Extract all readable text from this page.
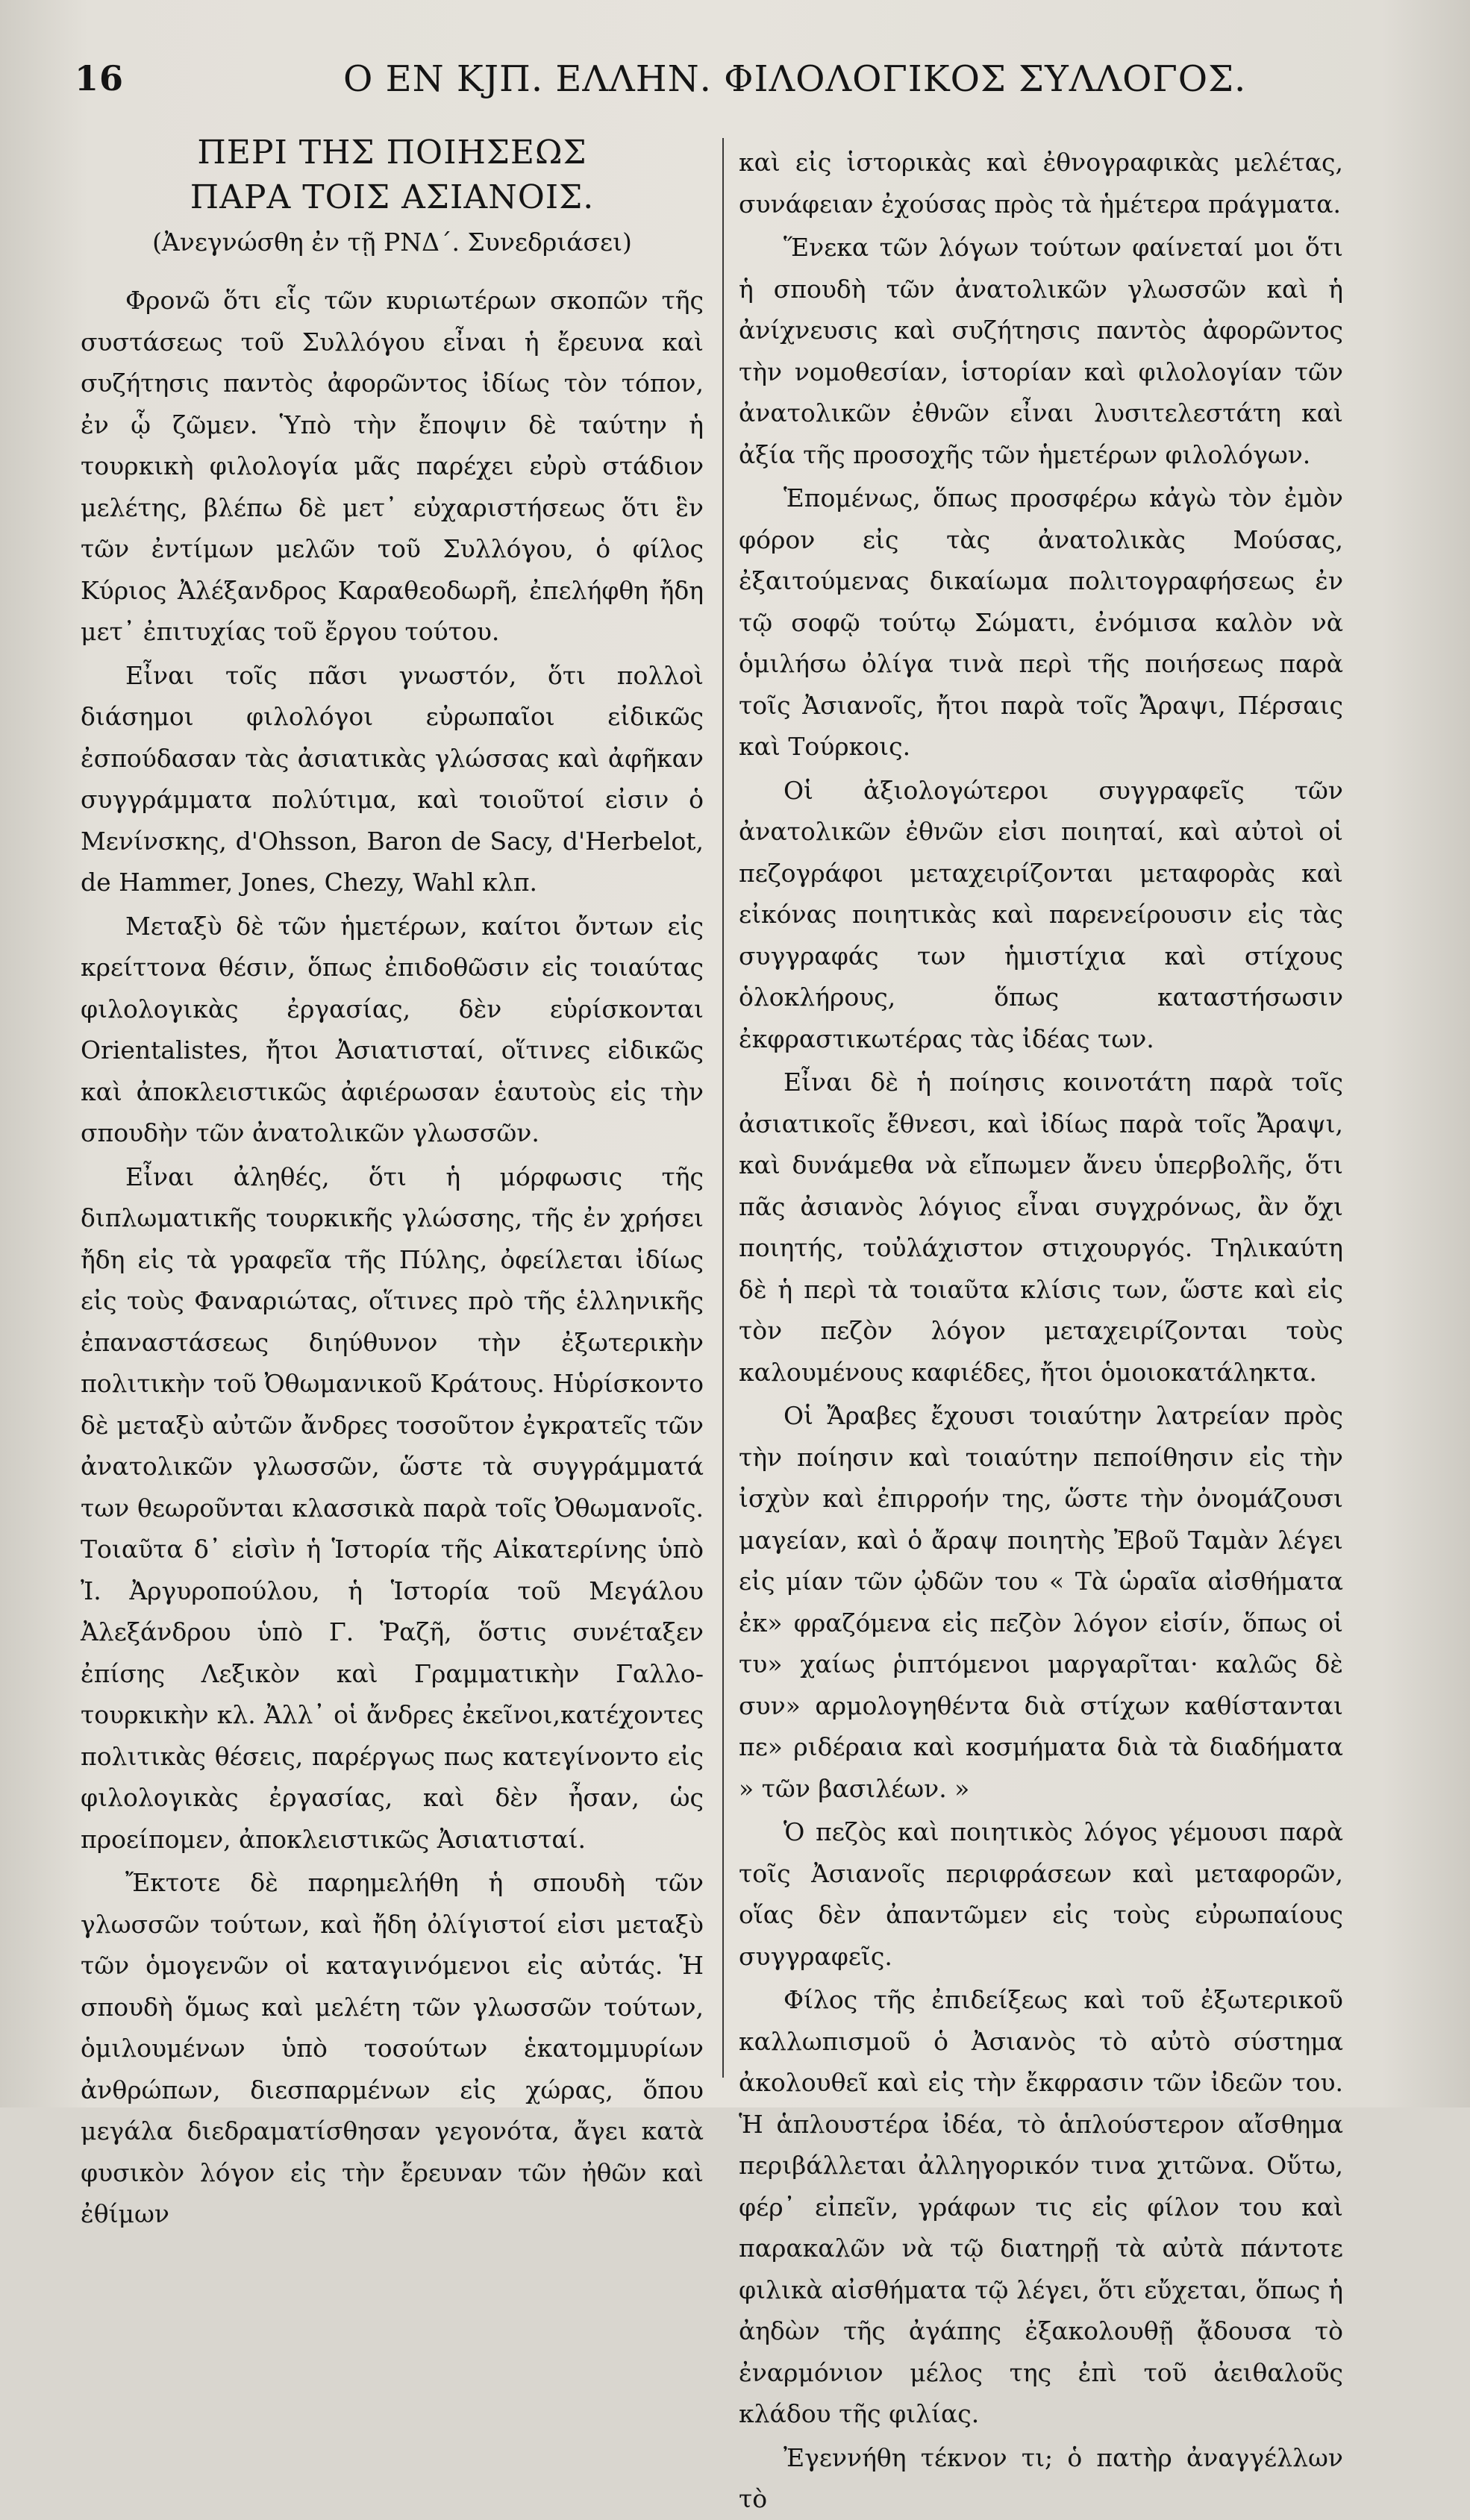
16	Ο ΕΝ ΚJΠ. ΕΛΛΗΝ. ΦΙΛΟΛΟΓΙΚΟΣ ΣΥΛΛΟΓΟΣ.
ΠΕΡΙ ΤΗΣ ΠΟΙΗΣΕΩΣ
ΠΑΡΑ ΤΟΙΣ ΑΣΙΑΝΟΙΣ.
(Ἀνεγνώσθη ἐν τῇ ΡΝΔ΄. Συνεδριάσει)

Φρονῶ ὅτι εἷς τῶν κυριωτέρων σκοπῶν τῆς συστάσεως τοῦ Συλλόγου εἶναι ἡ ἔρευνα καὶ συζήτησις παντὸς ἀφορῶντος ἰδίως τὸν τόπον, ἐν ᾧ ζῶμεν. Ὑπὸ τὴν ἔποψιν δὲ ταύτην ἡ τουρκικὴ φιλολογία μᾶς παρέχει εὐρὺ στάδιον μελέτης, βλέπω δὲ μετ᾽ εὐχαριστήσεως ὅτι ἓν τῶν ἐντίμων μελῶν τοῦ Συλλόγου, ὁ φίλος Κύριος Ἀλέξανδρος Καραθεοδωρῆ, ἐπελήφθη ἤδη μετ᾽ ἐπιτυχίας τοῦ ἔργου τούτου.

Εἶναι τοῖς πᾶσι γνωστόν, ὅτι πολλοὶ διάσημοι φιλολόγοι εὐρωπαῖοι εἰδικῶς ἐσπούδασαν τὰς ἀσιατικὰς γλώσσας καὶ ἀφῆκαν συγγράμματα πολύτιμα, καὶ τοιοῦτοί εἰσιν ὁ Μενίνσκης, d'Ohsson, Baron de Sacy, d'Herbelot, de Hammer, Jones, Chezy, Wahl κλπ.

Μεταξὺ δὲ τῶν ἡμετέρων, καίτοι ὄντων εἰς κρείττονα θέσιν, ὅπως ἐπιδοθῶσιν εἰς τοιαύτας φιλολογικὰς ἐργασίας, δὲν εὑρίσκονται Orientalistes, ἤτοι Ἀσιατισταί, οἵτινες εἰδικῶς καὶ ἀποκλειστικῶς ἀφιέρωσαν ἑαυτοὺς εἰς τὴν σπουδὴν τῶν ἀνατολικῶν γλωσσῶν.

Εἶναι ἀληθές, ὅτι ἡ μόρφωσις τῆς διπλωματικῆς τουρκικῆς γλώσσης, τῆς ἐν χρήσει ἤδη εἰς τὰ γραφεῖα τῆς Πύλης, ὀφείλεται ἰδίως εἰς τοὺς Φαναριώτας, οἵτινες πρὸ τῆς ἑλληνικῆς ἐπαναστάσεως διηύθυνον τὴν ἐξωτερικὴν πολιτικὴν τοῦ Ὀθωμανικοῦ Κράτους. Ηὑρίσκοντο δὲ μεταξὺ αὐτῶν ἄνδρες τοσοῦτον ἐγκρατεῖς τῶν ἀνατολικῶν γλωσσῶν, ὥστε τὰ συγγράμματά των θεωροῦνται κλασσικὰ παρὰ τοῖς Ὀθωμανοῖς. Τοιαῦτα δ᾽ εἰσὶν ἡ Ἱστορία τῆς Αἰκατερίνης ὑπὸ Ἰ. Ἀργυροπούλου, ἡ Ἱστορία τοῦ Μεγάλου Ἀλεξάνδρου ὑπὸ Γ. Ῥαζῆ, ὅστις συνέταξεν ἐπίσης Λεξικὸν καὶ Γραμματικὴν Γαλλο-τουρκικὴν κλ. Ἀλλ᾽ οἱ ἄνδρες ἐκεῖνοι,κατέχοντες πολιτικὰς θέσεις, παρέργως πως κατεγίνοντο εἰς φιλολογικὰς ἐργασίας, καὶ δὲν ἦσαν, ὡς προείπομεν, ἀποκλειστικῶς Ἀσιατισταί.

Ἔκτοτε δὲ παρημελήθη ἡ σπουδὴ τῶν γλωσσῶν τούτων, καὶ ἤδη ὀλίγιστοί εἰσι μεταξὺ τῶν ὁμογενῶν οἱ καταγινόμενοι εἰς αὐτάς. Ἡ σπουδὴ ὅμως καὶ μελέτη τῶν γλωσσῶν τούτων, ὁμιλουμένων ὑπὸ τοσούτων ἑκατομμυρίων ἀνθρώπων, διεσπαρμένων εἰς χώρας, ὅπου μεγάλα διεδραματίσθησαν γεγονότα, ἄγει κατὰ φυσικὸν λόγον εἰς τὴν ἔρευναν τῶν ἠθῶν καὶ ἐθίμων

καὶ εἰς ἱστορικὰς καὶ ἐθνογραφικὰς μελέτας, συνάφειαν ἐχούσας πρὸς τὰ ἡμέτερα πράγματα.

Ἕνεκα τῶν λόγων τούτων φαίνεταί μοι ὅτι ἡ σπουδὴ τῶν ἀνατολικῶν γλωσσῶν καὶ ἡ ἀνίχνευσις καὶ συζήτησις παντὸς ἀφορῶντος τὴν νομοθεσίαν, ἱστορίαν καὶ φιλολογίαν τῶν ἀνατολικῶν ἐθνῶν εἶναι λυσιτελεστάτη καὶ ἀξία τῆς προσοχῆς τῶν ἡμετέρων φιλολόγων.

Ἑπομένως, ὅπως προσφέρω κἀγὼ τὸν ἐμὸν φόρον εἰς τὰς ἀνατολικὰς Μούσας, ἐξαιτούμενας δικαίωμα πολιτογραφήσεως ἐν τῷ σοφῷ τούτῳ Σώματι, ἐνόμισα καλὸν νὰ ὁμιλήσω ὀλίγα τινὰ περὶ τῆς ποιήσεως παρὰ τοῖς Ἀσιανοῖς, ἤτοι παρὰ τοῖς Ἄραψι, Πέρσαις καὶ Τούρκοις.

Οἱ ἀξιολογώτεροι συγγραφεῖς τῶν ἀνατολικῶν ἐθνῶν εἰσι ποιηταί, καὶ αὐτοὶ οἱ πεζογράφοι μεταχειρίζονται μεταφορὰς καὶ εἰκόνας ποιητικὰς καὶ παρενείρουσιν εἰς τὰς συγγραφάς των ἡμιστίχια καὶ στίχους ὁλοκλήρους, ὅπως καταστήσωσιν ἐκφραστικωτέρας τὰς ἰδέας των.

Εἶναι δὲ ἡ ποίησις κοινοτάτη παρὰ τοῖς ἀσιατικοῖς ἔθνεσι, καὶ ἰδίως παρὰ τοῖς Ἄραψι, καὶ δυνάμεθα νὰ εἴπωμεν ἄνευ ὑπερβολῆς, ὅτι πᾶς ἀσιανὸς λόγιος εἶναι συγχρόνως, ἂν ὄχι ποιητής, τοὐλάχιστον στιχουργός. Τηλικαύτη δὲ ἡ περὶ τὰ τοιαῦτα κλίσις των, ὥστε καὶ εἰς τὸν πεζὸν λόγον μεταχειρίζονται τοὺς καλουμένους καφιέδες, ἤτοι ὁμοιοκατάληκτα.

Οἱ Ἄραβες ἔχουσι τοιαύτην λατρείαν πρὸς τὴν ποίησιν καὶ τοιαύτην πεποίθησιν εἰς τὴν ἰσχὺν καὶ ἐπιρροήν της, ὥστε τὴν ὀνομάζουσι μαγείαν, καὶ ὁ ἄραψ ποιητὴς Ἐβοῦ Ταμὰν λέγει εἰς μίαν τῶν ᾠδῶν του « Τὰ ὡραῖα αἰσθήματα ἐκ» φραζόμενα εἰς πεζὸν λόγον εἰσίν, ὅπως οἱ τυ» χαίως ῥιπτόμενοι μαργαρῖται· καλῶς δὲ συν» αρμολογηθέντα διὰ στίχων καθίστανται πε» ριδέραια καὶ κοσμήματα διὰ τὰ διαδήματα » τῶν βασιλέων. »

Ὁ πεζὸς καὶ ποιητικὸς λόγος γέμουσι παρὰ τοῖς Ἀσιανοῖς περιφράσεων καὶ μεταφορῶν, οἵας δὲν ἀπαντῶμεν εἰς τοὺς εὐρωπαίους συγγραφεῖς.

Φίλος τῆς ἐπιδείξεως καὶ τοῦ ἐξωτερικοῦ καλλωπισμοῦ ὁ Ἀσιανὸς τὸ αὐτὸ σύστημα ἀκολουθεῖ καὶ εἰς τὴν ἔκφρασιν τῶν ἰδεῶν του. Ἡ ἁπλουστέρα ἰδέα, τὸ ἁπλούστερον αἴσθημα περιβάλλεται ἀλληγορικόν τινα χιτῶνα. Οὕτω, φέρ᾽ εἰπεῖν, γράφων τις εἰς φίλον του καὶ παρακαλῶν νὰ τῷ διατηρῇ τὰ αὐτὰ πάντοτε φιλικὰ αἰσθήματα τῷ λέγει, ὅτι εὔχεται, ὅπως ἡ ἀηδὼν τῆς ἀγάπης ἐξακολουθῇ ᾄδουσα τὸ ἐναρμόνιον μέλος της ἐπὶ τοῦ ἀειθαλοῦς κλάδου τῆς φιλίας.

Ἐγεννήθη τέκνον τι; ὁ πατὴρ ἀναγγέλλων τὸ
